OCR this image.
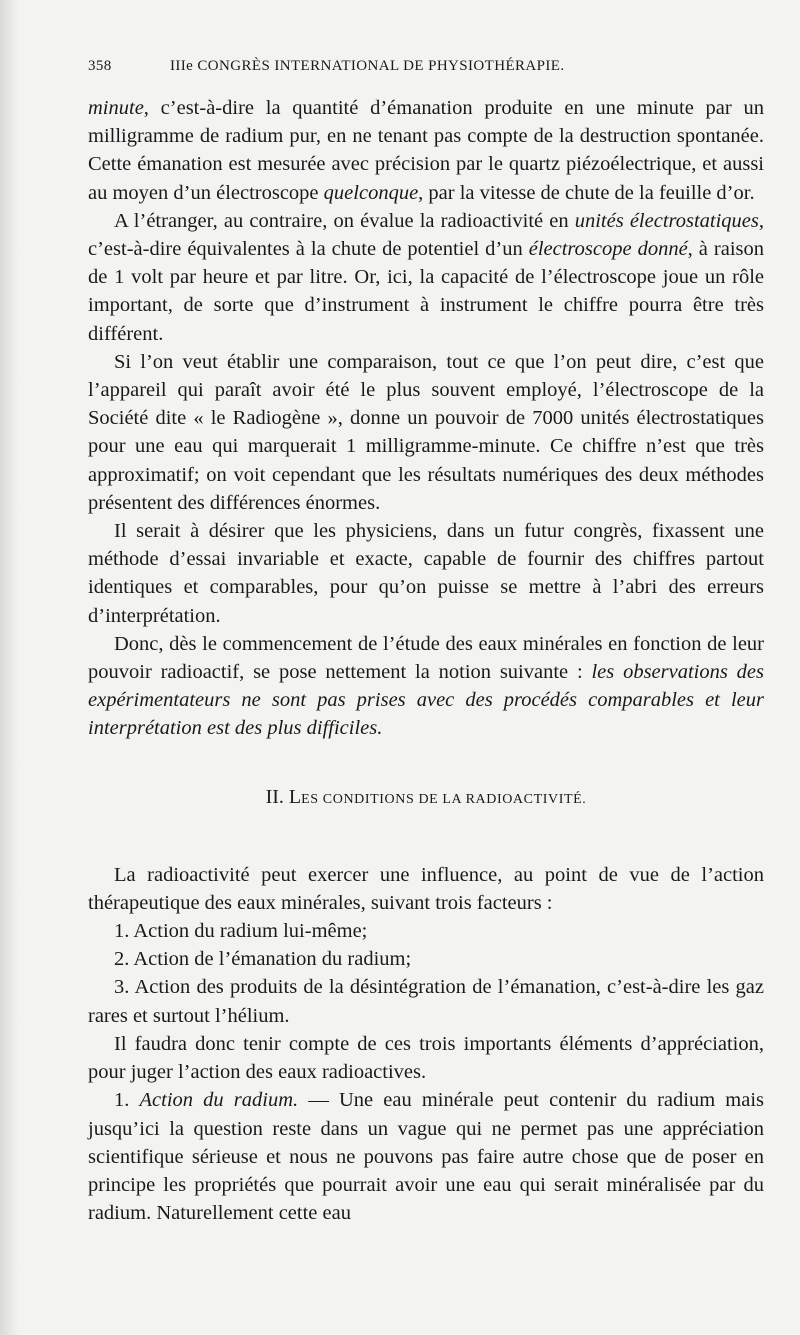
358	IIIe CONGRÈS INTERNATIONAL DE PHYSIOTHÉRAPIE.

minute, c’est-à-dire la quantité d’émanation produite en une minute par un milligramme de radium pur, en ne tenant pas compte de la destruction spontanée. Cette émanation est mesurée avec précision par le quartz piézoélectrique, et aussi au moyen d’un électroscope quelconque, par la vitesse de chute de la feuille d’or.

A l’étranger, au contraire, on évalue la radioactivité en unités électrostatiques, c’est-à-dire équivalentes à la chute de potentiel d’un électroscope donné, à raison de 1 volt par heure et par litre. Or, ici, la capacité de l’électroscope joue un rôle important, de sorte que d’instrument à instrument le chiffre pourra être très différent.

Si l’on veut établir une comparaison, tout ce que l’on peut dire, c’est que l’appareil qui paraît avoir été le plus souvent employé, l’électroscope de la Société dite « le Radiogène », donne un pouvoir de 7000 unités électrostatiques pour une eau qui marquerait 1 milligramme-minute. Ce chiffre n’est que très approximatif; on voit cependant que les résultats numériques des deux méthodes présentent des différences énormes.

Il serait à désirer que les physiciens, dans un futur congrès, fixassent une méthode d’essai invariable et exacte, capable de fournir des chiffres partout identiques et comparables, pour qu’on puisse se mettre à l’abri des erreurs d’interprétation.

Donc, dès le commencement de l’étude des eaux minérales en fonction de leur pouvoir radioactif, se pose nettement la notion suivante : les observations des expérimentateurs ne sont pas prises avec des procédés comparables et leur interprétation est des plus difficiles.

II. LES CONDITIONS DE LA RADIOACTIVITÉ.

La radioactivité peut exercer une influence, au point de vue de l’action thérapeutique des eaux minérales, suivant trois facteurs :

1. Action du radium lui-même;

2. Action de l’émanation du radium;

3. Action des produits de la désintégration de l’émanation, c’est-à-dire les gaz rares et surtout l’hélium.

Il faudra donc tenir compte de ces trois importants éléments d’appréciation, pour juger l’action des eaux radioactives.

1. Action du radium. — Une eau minérale peut contenir du radium mais jusqu’ici la question reste dans un vague qui ne permet pas une appréciation scientifique sérieuse et nous ne pouvons pas faire autre chose que de poser en principe les propriétés que pourrait avoir une eau qui serait minéralisée par du radium. Naturellement cette eau
